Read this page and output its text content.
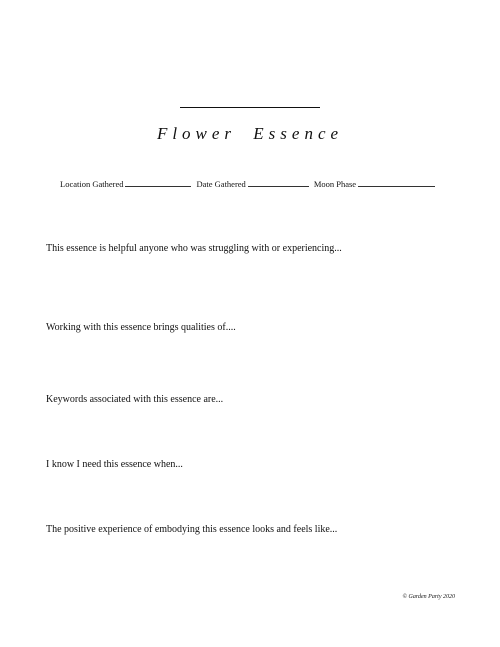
Flower Essence
Location Gathered	Date Gathered	Moon Phase
This essence is helpful anyone who was struggling with or experiencing...
Working with this essence brings qualities of....
Keywords associated with this essence are...
I know I need this essence when...
The positive experience of embodying this essence looks and feels like...
© Garden Party 2020
